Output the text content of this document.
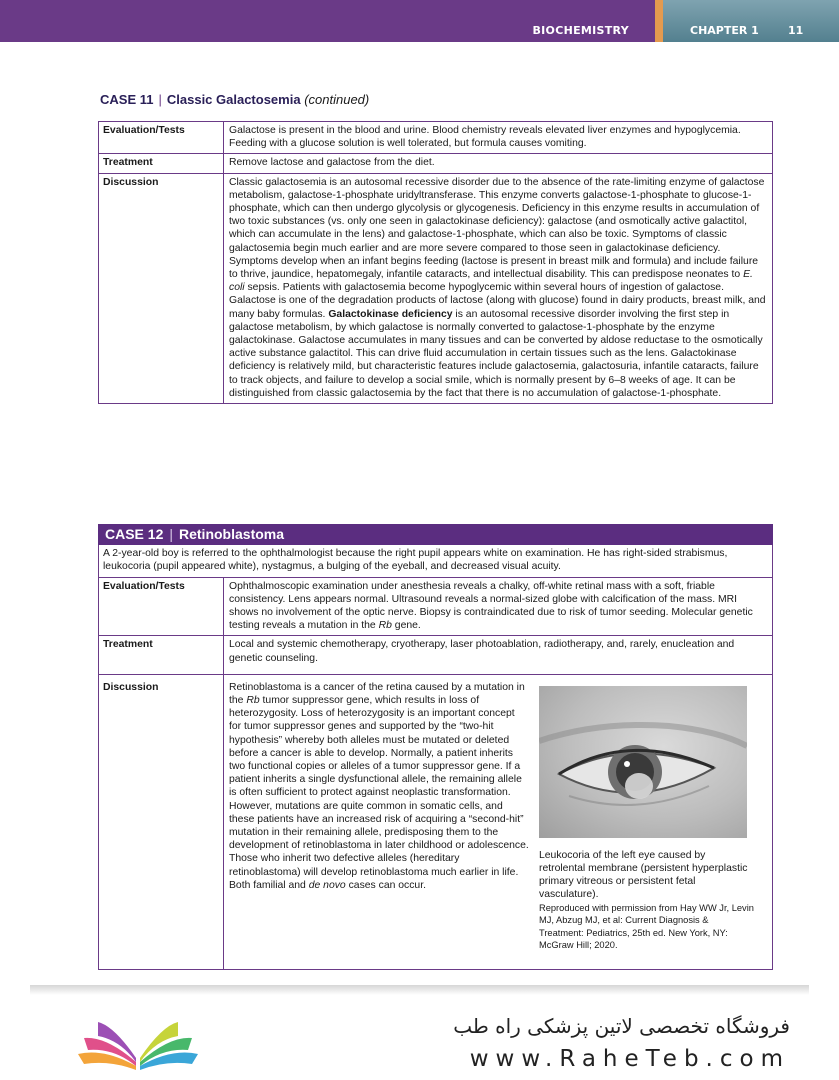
BIOCHEMISTRY	CHAPTER 1	11
CASE 11 | Classic Galactosemia (continued)
Evaluation/Tests	Galactose is present in the blood and urine. Blood chemistry reveals elevated liver enzymes and hypoglycemia. Feeding with a glucose solution is well tolerated, but formula causes vomiting.
Treatment	Remove lactose and galactose from the diet.
Discussion	Classic galactosemia is an autosomal recessive disorder due to the absence of the rate-limiting enzyme of galactose metabolism, galactose-1-phosphate uridyltransferase. This enzyme converts galactose-1-phosphate to glucose-1-phosphate, which can then undergo glycolysis or glycogenesis. Deficiency in this enzyme results in accumulation of two toxic substances (vs. only one seen in galactokinase deficiency): galactose (and osmotically active galactitol, which can accumulate in the lens) and galactose-1-phosphate, which can also be toxic. Symptoms of classic galactosemia begin much earlier and are more severe compared to those seen in galactokinase deficiency. Symptoms develop when an infant begins feeding (lactose is present in breast milk and formula) and include failure to thrive, jaundice, hepatomegaly, infantile cataracts, and intellectual disability. This can predispose neonates to E. coli sepsis. Patients with galactosemia become hypoglycemic within several hours of ingestion of galactose.
Galactose is one of the degradation products of lactose (along with glucose) found in dairy products, breast milk, and many baby formulas. Galactokinase deficiency is an autosomal recessive disorder involving the first step in galactose metabolism, by which galactose is normally converted to galactose-1-phosphate by the enzyme galactokinase. Galactose accumulates in many tissues and can be converted by aldose reductase to the osmotically active substance galactitol. This can drive fluid accumulation in certain tissues such as the lens. Galactokinase deficiency is relatively mild, but characteristic features include galactosemia, galactosuria, infantile cataracts, failure to track objects, and failure to develop a social smile, which is normally present by 6–8 weeks of age. It can be distinguished from classic galactosemia by the fact that there is no accumulation of galactose-1-phosphate.
CASE 12 | Retinoblastoma	
A 2-year-old boy is referred to the ophthalmologist because the right pupil appears white on examination. He has right-sided strabismus, leukocoria (pupil appeared white), nystagmus, a bulging of the eyeball, and decreased visual acuity.	
Evaluation/Tests	Ophthalmoscopic examination under anesthesia reveals a chalky, off-white retinal mass with a soft, friable consistency. Lens appears normal. Ultrasound reveals a normal-sized globe with calcification of the mass. MRI shows no involvement of the optic nerve. Biopsy is contraindicated due to risk of tumor seeding. Molecular genetic testing reveals a mutation in the Rb gene.
Treatment	Local and systemic chemotherapy, cryotherapy, laser photoablation, radiotherapy, and, rarely, enucleation and genetic counseling.
Discussion	Retinoblastoma is a cancer of the retina caused by a mutation in the Rb tumor suppressor gene, which results in loss of heterozygosity. Loss of heterozygosity is an important concept for tumor suppressor genes and supported by the “two-hit hypothesis” whereby both alleles must be mutated or deleted before a cancer is able to develop. Normally, a patient inherits two functional copies or alleles of a tumor suppressor gene. If a patient inherits a single dysfunctional allele, the remaining allele is often sufficient to protect against neoplastic transformation. However, mutations are quite common in somatic cells, and these patients have an increased risk of acquiring a “second-hit” mutation in their remaining allele, predisposing them to the development of retinoblastoma in later childhood or adolescence.
Those who inherit two defective alleles (hereditary retinoblastoma) will develop retinoblastoma much earlier in life. Both familial and de novo cases can occur.
Leukocoria of the left eye caused by retrolental membrane (persistent hyperplastic primary vitreous or persistent fetal vasculature).
Reproduced with permission from Hay WW Jr, Levin MJ, Abzug MJ, et al: Current Diagnosis & Treatment: Pediatrics, 25th ed. New York, NY: McGraw Hill; 2020.
فروشگاه تخصصی لاتین پزشکی راه طب
www.RaheTeb.com
